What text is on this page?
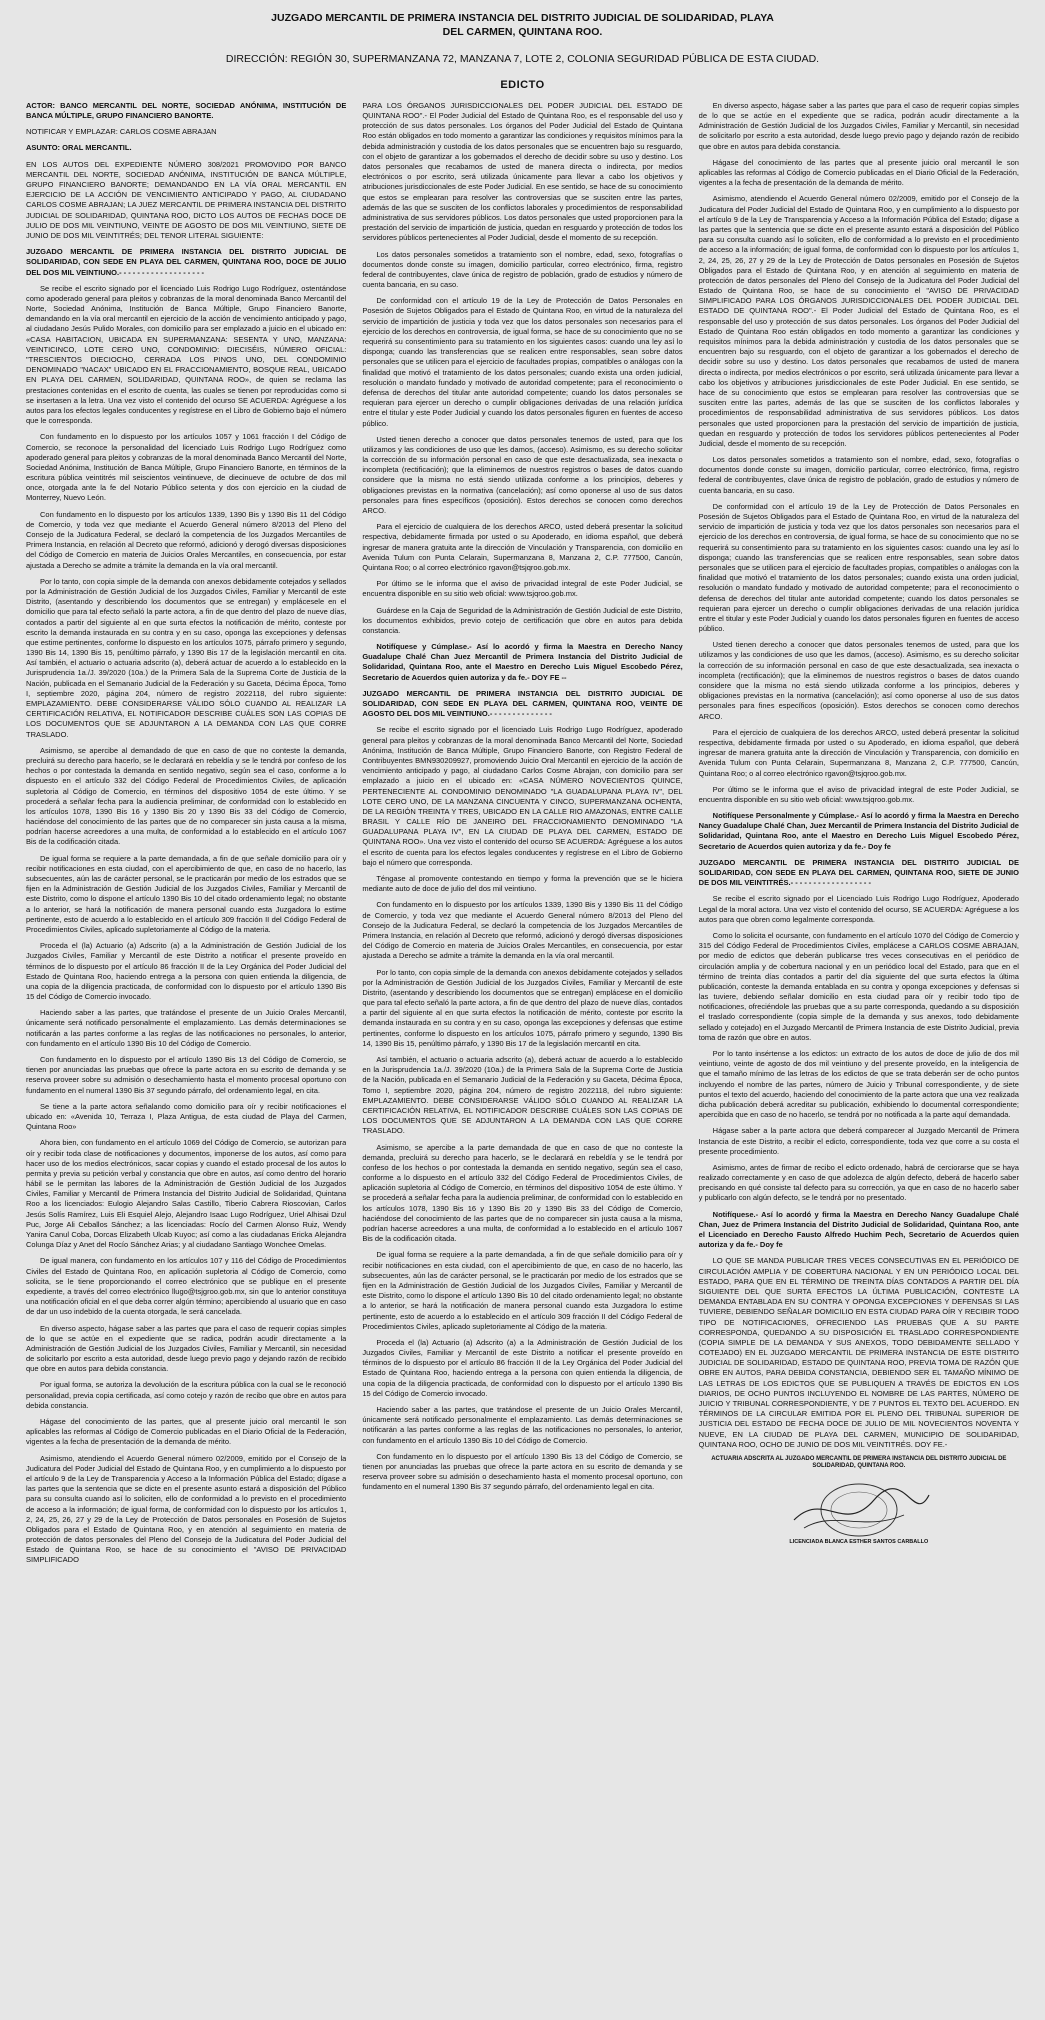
JUZGADO MERCANTIL DE PRIMERA INSTANCIA DEL DISTRITO JUDICIAL DE SOLIDARIDAD, PLAYA DEL CARMEN, QUINTANA ROO.
DIRECCIÓN: REGIÓN 30, SUPERMANZANA 72, MANZANA 7, LOTE 2, COLONIA SEGURIDAD PÚBLICA DE ESTA CIUDAD.
EDICTO

ACTOR: BANCO MERCANTIL DEL NORTE, SOCIEDAD ANÓNIMA, INSTITUCIÓN DE BANCA MÚLTIPLE, GRUPO FINANCIERO BANORTE.

NOTIFICAR Y EMPLAZAR: CARLOS COSME ABRAJAN

ASUNTO: ORAL MERCANTIL.

EN LOS AUTOS DEL EXPEDIENTE NÚMERO 308/2021 PROMOVIDO POR BANCO MERCANTIL DEL NORTE, SOCIEDAD ANÓNIMA, INSTITUCIÓN DE BANCA MÚLTIPLE, GRUPO FINANCIERO BANORTE; DEMANDANDO EN LA VÍA ORAL MERCANTIL EN EJERCICIO DE LA ACCIÓN DE VENCIMIENTO ANTICIPADO Y PAGO, AL CIUDADANO CARLOS COSME ABRAJAN; LA JUEZ MERCANTIL DE PRIMERA INSTANCIA DEL DISTRITO JUDICIAL DE SOLIDARIDAD, QUINTANA ROO, DICTO LOS AUTOS DE FECHAS DOCE DE JULIO DE DOS MIL VEINTIUNO, VEINTE DE AGOSTO DE DOS MIL VEINTIUNO, SIETE DE JUNIO DE DOS MIL VEINTITRÉS; DEL TENOR LITERAL SIGUIENTE:

JUZGADO MERCANTIL DE PRIMERA INSTANCIA DEL DISTRITO JUDICIAL DE SOLIDARIDAD, CON SEDE EN PLAYA DEL CARMEN, QUINTANA ROO, DOCE DE JULIO DEL DOS MIL VEINTIUNO.- - - - - - - - - - - - - - - - - - -

Se recibe el escrito signado por el licenciado Luis Rodrigo Lugo Rodríguez, ostentándose como apoderado general para pleitos y cobranzas de la moral denominada Banco Mercantil del Norte, Sociedad Anónima, Institución de Banca Múltiple, Grupo Financiero Banorte, demandando en la vía oral mercantil en ejercicio de la acción de vencimiento anticipado y pago, al ciudadano Jesús Pulido Morales, con domicilio para ser emplazado a juicio en el ubicado en: «CASA HABITACION, UBICADA EN SUPERMANZANA: SESENTA Y UNO, MANZANA: VEINTICINCO, LOTE CERO UNO, CONDOMINIO: DIECISÉIS, NÚMERO OFICIAL: "TRESCIENTOS DIECIOCHO, CERRADA LOS PINOS UNO, DEL CONDOMINIO DENOMINADO "NACAX" UBICADO EN EL FRACCIONAMIENTO, BOSQUE REAL, UBICADO EN PLAYA DEL CARMEN, SOLIDARIDAD, QUINTANA ROO», de quien se reclama las prestaciones contenidas en el escrito de cuenta, las cuales se tienen por reproducidas como si se insertasen a la letra. Una vez visto el contenido del ocurso SE ACUERDA: Agréguese a los autos para los efectos legales conducentes y regístrese en el Libro de Gobierno bajo el número que le corresponda.

Con fundamento en lo dispuesto por los artículos 1057 y 1061 fracción I del Código de Comercio, se reconoce la personalidad del licenciado Luis Rodrigo Lugo Rodríguez como apoderado general para pleitos y cobranzas de la moral denominada Banco Mercantil del Norte, Sociedad Anónima, Institución de Banca Múltiple, Grupo Financiero Banorte, en términos de la escritura pública veintitrés mil seiscientos veintinueve, de diecinueve de octubre de dos mil once, otorgada ante la fe del Notario Público setenta y dos con ejercicio en la ciudad de Monterrey, Nuevo León.

Con fundamento en lo dispuesto por los artículos 1339, 1390 Bis y 1390 Bis 11 del Código de Comercio, y toda vez que mediante el Acuerdo General número 8/2013 del Pleno del Consejo de la Judicatura Federal, se declaró la competencia de los Juzgados Mercantiles de Primera Instancia, en relación al Decreto que reformó, adicionó y derogó diversas disposiciones del Código de Comercio en materia de Juicios Orales Mercantiles, en consecuencia, por estar ajustada a Derecho se admite a trámite la demanda en la vía oral mercantil.

Por lo tanto, con copia simple de la demanda con anexos debidamente cotejados y sellados por la Administración de Gestión Judicial de los Juzgados Civiles, Familiar y Mercantil de este Distrito, (asentando y describiendo los documentos que se entregan) y emplácesele en el domicilio que para tal efecto señaló la parte actora, a fin de que dentro del plazo de nueve días, contados a partir del siguiente al en que surta efectos la notificación de mérito, conteste por escrito la demanda instaurada en su contra y en su caso, oponga las excepciones y defensas que estime pertinentes, conforme lo dispuesto en los artículos 1075, párrafo primero y segundo, 1390 Bis 14, 1390 Bis 15, penúltimo párrafo, y 1390 Bis 17 de la legislación mercantil en cita. Así también, el actuario o actuaria adscrito (a), deberá actuar de acuerdo a lo establecido en la Jurisprudencia 1a./J. 39/2020 (10a.) de la Primera Sala de la Suprema Corte de Justicia de la Nación, publicada en el Semanario Judicial de la Federación y su Gaceta, Décima Época, Tomo I, septiembre 2020, página 204, número de registro 2022118, del rubro siguiente: EMPLAZAMIENTO. DEBE CONSIDERARSE VÁLIDO SÓLO CUANDO AL REALIZAR LA CERTIFICACIÓN RELATIVA, EL NOTIFICADOR DESCRIBE CUÁLES SON LAS COPIAS DE LOS DOCUMENTOS QUE SE ADJUNTARON A LA DEMANDA CON LAS QUE CORRE TRASLADO.

Asimismo, se apercibe al demandado de que en caso de que no conteste la demanda, precluirá su derecho para hacerlo, se le declarará en rebeldía y se le tendrá por confeso de los hechos o por contestada la demanda en sentido negativo, según sea el caso, conforme a lo dispuesto en el artículo 332 del Código Federal de Procedimientos Civiles, de aplicación supletoria al Código de Comercio, en términos del dispositivo 1054 de este último. Y se procederá a señalar fecha para la audiencia preliminar, de conformidad con lo establecido en los artículos 1078, 1390 Bis 16 y 1390 Bis 20 y 1390 Bis 33 del Código de Comercio, haciéndose del conocimiento de las partes que de no comparecer sin justa causa a la misma, podrían hacerse acreedores a una multa, de conformidad a lo establecido en el artículo 1067 Bis de la codificación citada.

De igual forma se requiere a la parte demandada, a fin de que señale domicilio para oír y recibir notificaciones en esta ciudad, con el apercibimiento de que, en caso de no hacerlo, las subsecuentes, aún las de carácter personal, se le practicarán por medio de los estrados que se fijen en la Administración de Gestión Judicial de los Juzgados Civiles, Familiar y Mercantil de este Distrito, como lo dispone el artículo 1390 Bis 10 del citado ordenamiento legal; no obstante a lo anterior, se hará la notificación de manera personal cuando esta Juzgadora lo estime pertinente, esto de acuerdo a lo establecido en el artículo 309 fracción II del Código Federal de Procedimientos Civiles, aplicado supletoriamente al Código de la materia.

Proceda el (la) Actuario (a) Adscrito (a) a la Administración de Gestión Judicial de los Juzgados Civiles, Familiar y Mercantil de este Distrito a notificar el presente proveído en términos de lo dispuesto por el artículo 86 fracción II de la Ley Orgánica del Poder Judicial del Estado de Quintana Roo, haciendo entrega a la persona con quien entienda la diligencia, de una copia de la diligencia practicada, de conformidad con lo dispuesto por el artículo 1390 Bis 15 del Código de Comercio invocado.

Haciendo saber a las partes, que tratándose el presente de un Juicio Orales Mercantil, únicamente será notificado personalmente el emplazamiento. Las demás determinaciones se notificarán a las partes conforme a las reglas de las notificaciones no personales, lo anterior, con fundamento en el artículo 1390 Bis 10 del Código de Comercio.

Con fundamento en lo dispuesto por el artículo 1390 Bis 13 del Código de Comercio, se tienen por anunciadas las pruebas que ofrece la parte actora en su escrito de demanda y se reserva proveer sobre su admisión o desechamiento hasta el momento procesal oportuno con fundamento en el numeral 1390 Bis 37 segundo párrafo, del ordenamiento legal, en cita.

Se tiene a la parte actora señalando como domicilio para oír y recibir notificaciones el ubicado en: «Avenida 10, Terraza I, Plaza Antigua, de esta ciudad de Playa del Carmen, Quintana Roo»

Ahora bien, con fundamento en el artículo 1069 del Código de Comercio, se autorizan para oír y recibir toda clase de notificaciones y documentos, imponerse de los autos, así como para hacer uso de los medios electrónicos, sacar copias y cuando el estado procesal de los autos lo permita y previa su petición verbal y constancia que obre en autos, así como dentro del horario hábil se le permitan las labores de la Administración de Gestión Judicial de los Juzgados Civiles, Familiar y Mercantil de Primera Instancia del Distrito Judicial de Solidaridad, Quintana Roo a los licenciados: Eulogio Alejandro Salas Castillo, Tiberio Cabrera Rioscovian, Carlos Jesús Solís Ramírez, Luis Eli Esquiel Alejo, Alejandro Isaac Lugo Rodríguez, Uriel Alhisai Dzul Puc, Jorge Ali Ceballos Sánchez; a las licenciadas: Rocío del Carmen Alonso Ruiz, Wendy Yanira Canul Coba, Dorcas Elizabeth Ulcab Kuyoc; así como a las ciudadanas Erickа Alejandra Colunga Díaz y Anet del Rocío Sánchez Arias; y al ciudadano Santiago Wonchee Omelas.

De igual manera, con fundamento en los artículos 107 y 116 del Código de Procedimientos Civiles del Estado de Quintana Roo, en aplicación supletoria al Código de Comercio, como solicita, se le tiene proporcionando el correo electrónico que se publique en el presente expediente, a través del correo electrónico llugo@tsjgroo.gob.mx, sin que lo anterior constituya una notificación oficial en el que deba correr algún término; apercibiendo al usuario que en caso de dar un uso indebido de la cuenta otorgada, le será cancelada.

En diverso aspecto, hágase saber a las partes que para el caso de requerir copias simples de lo que se actúe en el expediente que se radica, podrán acudir directamente a la Administración de Gestión Judicial de los Juzgados Civiles, Familiar y Mercantil, sin necesidad de solicitarlo por escrito a esta autoridad, desde luego previo pago y dejando razón de recibido que obre en autos para debida constancia.

Por igual forma, se autoriza la devolución de la escritura pública con la cual se le reconoció personalidad, previa copia certificada, así como cotejo y razón de recibo que obre en autos para debida constancia.

Hágase del conocimiento de las partes, que al presente juicio oral mercantil le son aplicables las reformas al Código de Comercio publicadas en el Diario Oficial de la Federación, vigentes a la fecha de presentación de la demanda de mérito.

Asimismo, atendiendo el Acuerdo General número 02/2009, emitido por el Consejo de la Judicatura del Poder Judicial del Estado de Quintana Roo, y en cumplimiento a lo dispuesto por el artículo 9 de la Ley de Transparencia y Acceso a la Información Pública del Estado; dígase a las partes que la sentencia que se dicte en el presente asunto estará a disposición del Público para su consulta cuando así lo soliciten, ello de conformidad a lo previsto en el procedimiento de acceso a la información; de igual forma, de conformidad con lo dispuesto por los artículos 1, 2, 24, 25, 26, 27 y 29 de la Ley de Protección de Datos personales en Posesión de Sujetos Obligados para el Estado de Quintana Roo, y en atención al seguimiento en materia de protección de datos personales del Pleno del Consejo de la Judicatura del Poder Judicial del Estado de Quintana Roo, se hace de su conocimiento el "AVISO DE PRIVACIDAD SIMPLIFICADO

PARA LOS ÓRGANOS JURISDICCIONALES DEL PODER JUDICIAL DEL ESTADO DE QUINTANA ROO".- El Poder Judicial del Estado de Quintana Roo, es el responsable del uso y protección de sus datos personales. Los órganos del Poder Judicial del Estado de Quintana Roo están obligados en todo momento a garantizar las condiciones y requisitos mínimos para la debida administración y custodia de los datos personales que se encuentren bajo su resguardo, con el objeto de garantizar a los gobernados el derecho de decidir sobre su uso y destino. Los datos personales que recabamos de usted de manera directa o indirecta, por medios electrónicos o por escrito, será utilizada únicamente para llevar a cabo los objetivos y atribuciones jurisdiccionales de este Poder Judicial. En ese sentido, se hace de su conocimiento que estos se emplearan para resolver las controversias que se susciten entre las partes, además de las que se susciten de los conflictos laborales y procedimientos de responsabilidad administrativa de sus servidores públicos. Los datos personales que usted proporcionen para la prestación del servicio de impartición de justicia, quedan en resguardo y protección de todos los servidores públicos pertenecientes al Poder Judicial, desde el momento de su recepción.

Los datos personales sometidos a tratamiento son el nombre, edad, sexo, fotografías o documentos donde conste su imagen, domicilio particular, correo electrónico, firma, registro federal de contribuyentes, clave única de registro de población, grado de estudios y número de cuenta bancaria, en su caso.

De conformidad con el artículo 19 de la Ley de Protección de Datos Personales en Posesión de Sujetos Obligados para el Estado de Quintana Roo, en virtud de la naturaleza del servicio de impartición de justicia y toda vez que los datos personales son necesarios para el ejercicio de los derechos en controversia, de igual forma, se hace de su conocimiento que no se requerirá su consentimiento para su tratamiento en los siguientes casos: cuando una ley así lo disponga; cuando las transferencias que se realicen entre responsables, sean sobre datos personales que se utilicen para el ejercicio de facultades propias, compatibles o análogas con la finalidad que motivó el tratamiento de los datos personales; cuando exista una orden judicial, resolución o mandato fundado y motivado de autoridad competente; para el reconocimiento o defensa de derechos del titular ante autoridad competente; cuando los datos personales se requieran para ejercer un derecho o cumplir obligaciones derivadas de una relación jurídica entre el titular y este Poder Judicial y cuando los datos personales figuren en fuentes de acceso público.

Usted tienen derecho a conocer que datos personales tenemos de usted, para que los utilizamos y las condiciones de uso que les damos, (acceso). Asimismo, es su derecho solicitar la corrección de su información personal en caso de que este desactualizada, sea inexacta o incompleta (rectificación); que la eliminemos de nuestros registros o bases de datos cuando considere que la misma no está siendo utilizada conforme a los principios, deberes y obligaciones previstas en la normativa (cancelación); así como oponerse al uso de sus datos personales para fines específicos (oposición). Estos derechos se conocen como derechos ARCO.

Para el ejercicio de cualquiera de los derechos ARCO, usted deberá presentar la solicitud respectiva, debidamente firmada por usted o su Apoderado, en idioma español, que deberá ingresar de manera gratuita ante la dirección de Vinculación y Transparencia, con domicilio en Avenida Tulum con Punta Celarain, Supermanzana 8, Manzana 2, C.P. 777500, Cancún, Quintana Roo; o al correo electrónico rgavon@tsjqroo.gob.mx.

Por último se le informa que el aviso de privacidad integral de este Poder Judicial, se encuentra disponible en su sitio web oficial: www.tsjqroo.gob.mx.

Guárdese en la Caja de Seguridad de la Administración de Gestión Judicial de este Distrito, los documentos exhibidos, previo cotejo de certificación que obre en autos para debida constancia.

Notifíquese y Cúmplase.- Así lo acordó y firma la Maestra en Derecho Nancy Guadalupe Chalé Chan Juez Mercantil de Primera Instancia del Distrito Judicial de Solidaridad, Quintana Roo, ante el Maestro en Derecho Luis Miguel Escobedo Pérez, Secretario de Acuerdos quien autoriza y da fe.- DOY FE --

JUZGADO MERCANTIL DE PRIMERA INSTANCIA DEL DISTRITO JUDICIAL DE SOLIDARIDAD, CON SEDE EN PLAYA DEL CARMEN, QUINTANA ROO, VEINTE DE AGOSTO DEL DOS MIL VEINTIUNO.- - - - - - - - - - - - - -

Se recibe el escrito signado por el licenciado Luis Rodrigo Lugo Rodríguez, apoderado general para pleitos y cobranzas de la moral denominada Banco Mercantil del Norte, Sociedad Anónima, Institución de Banca Múltiple, Grupo Financiero Banorte, con Registro Federal de Contribuyentes BMN930209927, promoviendo Juicio Oral Mercantil en ejercicio de la acción de vencimiento anticipado y pago, al ciudadano Carlos Cosme Abrajan, con domicilio para ser emplazado a juicio en el ubicado en: «CASA NÚMERO NOVECIENTOS QUINCE, PERTENECIENTE AL CONDOMINIO DENOMINADO "LA GUADALUPANA PLAYA IV", DEL LOTE CERO UNO, DE LA MANZANA CINCUENTA Y CINCO, SUPERMANZANA OCHENTA, DE LA REGIÓN TREINTA Y TRES, UBICADO EN LA CALLE RIO AMAZONAS, ENTRE CALLE BRASIL Y CALLE RÍO DE JANEIRO DEL FRACCIONAMIENTO DENOMINADO "LA GUADALUPANA PLAYA IV", EN LA CIUDAD DE PLAYA DEL CARMEN, ESTADO DE QUINTANA ROO». Una vez visto el contenido del ocurso SE ACUERDA: Agréguese a los autos el escrito de cuenta para los efectos legales conducentes y regístrese en el Libro de Gobierno bajo el número que corresponda.

Téngase al promovente contestando en tiempo y forma la prevención que se le hiciera mediante auto de doce de julio del dos mil veintiuno.

Con fundamento en lo dispuesto por los artículos 1339, 1390 Bis y 1390 Bis 11 del Código de Comercio, y toda vez que mediante el Acuerdo General número 8/2013 del Pleno del Consejo de la Judicatura Federal, se declaró la competencia de los Juzgados Mercantiles de Primera Instancia, en relación al Decreto que reformó, adicionó y derogó diversas disposiciones del Código de Comercio en materia de Juicios Orales Mercantiles, en consecuencia, por estar ajustada a Derecho se admite a trámite la demanda en la vía oral mercantil.

Por lo tanto, con copia simple de la demanda con anexos debidamente cotejados y sellados por la Administración de Gestión Judicial de los Juzgados Civiles, Familiar y Mercantil de este Distrito, (asentando y describiendo los documentos que se entregan) emplácese en el domicilio que para tal efecto señaló la parte actora, a fin de que dentro del plazo de nueve días, contados a partir del siguiente al en que surta efectos la notificación de mérito, conteste por escrito la demanda instaurada en su contra y en su caso, oponga las excepciones y defensas que estime pertinentes, conforme lo dispuesto en los artículos 1075, párrafo primero y segundo, 1390 Bis 14, 1390 Bis 15, penúltimo párrafo, y 1390 Bis 17 de la legislación mercantil en cita.

Así también, el actuario o actuaria adscrito (a), deberá actuar de acuerdo a lo establecido en la Jurisprudencia 1a./J. 39/2020 (10a.) de la Primera Sala de la Suprema Corte de Justicia de la Nación, publicada en el Semanario Judicial de la Federación y su Gaceta, Décima Época, Tomo I, septiembre 2020, página 204, número de registro 2022118, del rubro siguiente: EMPLAZAMIENTO. DEBE CONSIDERARSE VÁLIDO SÓLO CUANDO AL REALIZAR LA CERTIFICACIÓN RELATIVA, EL NOTIFICADOR DESCRIBE CUÁLES SON LAS COPIAS DE LOS DOCUMENTOS QUE SE ADJUNTARON A LA DEMANDA CON LAS QUE CORRE TRASLADO.

Asimismo, se apercibe a la parte demandada de que en caso de que no conteste la demanda, precluirá su derecho para hacerlo, se le declarará en rebeldía y se le tendrá por confeso de los hechos o por contestada la demanda en sentido negativo, según sea el caso, conforme a lo dispuesto en el artículo 332 del Código Federal de Procedimientos Civiles, de aplicación supletoria al Código de Comercio, en términos del dispositivo 1054 de este último. Y se procederá a señalar fecha para la audiencia preliminar, de conformidad con lo establecido en los artículos 1078, 1390 Bis 16 y 1390 Bis 20 y 1390 Bis 33 del Código de Comercio, haciéndose del conocimiento de las partes que de no comparecer sin justa causa a la misma, podrían hacerse acreedores a una multa, de conformidad a lo establecido en el artículo 1067 Bis de la codificación citada.

De igual forma se requiere a la parte demandada, a fin de que señale domicilio para oír y recibir notificaciones en esta ciudad, con el apercibimiento de que, en caso de no hacerlo, las subsecuentes, aún las de carácter personal, se le practicarán por medio de los estrados que se fijen en la Administración de Gestión Judicial de los Juzgados Civiles, Familiar y Mercantil de este Distrito, como lo dispone el artículo 1390 Bis 10 del citado ordenamiento legal; no obstante a lo anterior, se hará la notificación de manera personal cuando esta Juzgadora lo estime pertinente, esto de acuerdo a lo establecido en el artículo 309 fracción II del Código Federal de Procedimientos Civiles, aplicado supletoriamente al Código de la materia.

Proceda el (la) Actuario (a) Adscrito (a) a la Administración de Gestión Judicial de los Juzgados Civiles, Familiar y Mercantil de este Distrito a notificar el presente proveído en términos de lo dispuesto por el artículo 86 fracción II de la Ley Orgánica del Poder Judicial del Estado de Quintana Roo, haciendo entrega a la persona con quien entienda la diligencia, de una copia de la diligencia practicada, de conformidad con lo dispuesto por el artículo 1390 Bis 15 del Código de Comercio invocado.

Haciendo saber a las partes, que tratándose el presente de un Juicio Orales Mercantil, únicamente será notificado personalmente el emplazamiento. Las demás determinaciones se notificarán a las partes conforme a las reglas de las notificaciones no personales, lo anterior, con fundamento en el artículo 1390 Bis 10 del Código de Comercio.

Con fundamento en lo dispuesto por el artículo 1390 Bis 13 del Código de Comercio, se tienen por anunciadas las pruebas que ofrece la parte actora en su escrito de demanda y se reserva proveer sobre su admisión o desechamiento hasta el momento procesal oportuno, con fundamento en el numeral 1390 Bis 37 segundo párrafo, del ordenamiento legal en cita.

En diverso aspecto, hágase saber a las partes que para el caso de requerir copias simples de lo que se actúe en el expediente que se radica, podrán acudir directamente a la Administración de Gestión Judicial de los Juzgados Civiles, Familiar y Mercantil, sin necesidad de solicitarlo por escrito a esta autoridad, desde luego previo pago y dejando razón de recibido que obre en autos para debida constancia.

Hágase del conocimiento de las partes que al presente juicio oral mercantil le son aplicables las reformas al Código de Comercio publicadas en el Diario Oficial de la Federación, vigentes a la fecha de presentación de la demanda de mérito.

Asimismo, atendiendo el Acuerdo General número 02/2009, emitido por el Consejo de la Judicatura del Poder Judicial del Estado de Quintana Roo, y en cumplimiento a lo dispuesto por el artículo 9 de la Ley de Transparencia y Acceso a la Información Pública del Estado; dígase a las partes que la sentencia que se dicte en el presente asunto estará a disposición del Público para su consulta cuando así lo soliciten, ello de conformidad a lo previsto en el procedimiento de acceso a la información; de igual forma, de conformidad con lo dispuesto por los artículos 1, 2, 24, 25, 26, 27 y 29 de la Ley de Protección de Datos personales en Posesión de Sujetos Obligados para el Estado de Quintana Roo, y en atención al seguimiento en materia de protección de datos personales del Pleno del Consejo de la Judicatura del Poder Judicial del Estado de Quintana Roo, se hace de su conocimiento el "AVISO DE PRIVACIDAD SIMPLIFICADO PARA LOS ÓRGANOS JURISDICCIONALES DEL PODER JUDICIAL DEL ESTADO DE QUINTANA ROO".- El Poder Judicial del Estado de Quintana Roo, es el responsable del uso y protección de sus datos personales. Los órganos del Poder Judicial del Estado de Quintana Roo están obligados en todo momento a garantizar las condiciones y requisitos mínimos para la debida administración y custodia de los datos personales que se encuentren bajo su resguardo, con el objeto de garantizar a los gobernados el derecho de decidir sobre su uso y destino. Los datos personales que recabamos de usted de manera directa o indirecta, por medios electrónicos o por escrito, será utilizada únicamente para llevar a cabo los objetivos y atribuciones jurisdiccionales de este Poder Judicial. En ese sentido, se hace de su conocimiento que estos se emplearan para resolver las controversias que se susciten entre las partes, además de las que se susciten de los conflictos laborales y procedimientos de responsabilidad administrativa de sus servidores públicos. Los datos personales que usted proporcionen para la prestación del servicio de impartición de justicia, quedan en resguardo y protección de todos los servidores públicos pertenecientes al Poder Judicial, desde el momento de su recepción.

Los datos personales sometidos a tratamiento son el nombre, edad, sexo, fotografías o documentos donde conste su imagen, domicilio particular, correo electrónico, firma, registro federal de contribuyentes, clave única de registro de población, grado de estudios y número de cuenta bancaria, en su caso.

De conformidad con el artículo 19 de la Ley de Protección de Datos Personales en Posesión de Sujetos Obligados para el Estado de Quintana Roo, en virtud de la naturaleza del servicio de impartición de justicia y toda vez que los datos personales son necesarios para el ejercicio de los derechos en controversia, de igual forma, se hace de su conocimiento que no se requerirá su consentimiento para su tratamiento en los siguientes casos: cuando una ley así lo disponga; cuando las transferencias que se realicen entre responsables, sean sobre datos personales que se utilicen para el ejercicio de facultades propias, compatibles o análogas con la finalidad que motivó el tratamiento de los datos personales; cuando exista una orden judicial, resolución o mandato fundado y motivado de autoridad competente; para el reconocimiento o defensa de derechos del titular ante autoridad competente; cuando los datos personales se requieran para ejercer un derecho o cumplir obligaciones derivadas de una relación jurídica entre el titular y este Poder Judicial y cuando los datos personales figuren en fuentes de acceso público.

Usted tienen derecho a conocer que datos personales tenemos de usted, para que los utilizamos y las condiciones de uso que les damos, (acceso). Asimismo, es su derecho solicitar la corrección de su información personal en caso de que este desactualizada, sea inexacta o incompleta (rectificación); que la eliminemos de nuestros registros o bases de datos cuando considere que la misma no está siendo utilizada conforme a los principios, deberes y obligaciones previstas en la normativa (cancelación); así como oponerse al uso de sus datos personales para fines específicos (oposición). Estos derechos se conocen como derechos ARCO.

Para el ejercicio de cualquiera de los derechos ARCO, usted deberá presentar la solicitud respectiva, debidamente firmada por usted o su Apoderado, en idioma español, que deberá ingresar de manera gratuita ante la dirección de Vinculación y Transparencia, con domicilio en Avenida Tulum con Punta Celarain, Supermanzana 8, Manzana 2, C.P. 777500, Cancún, Quintana Roo; o al correo electrónico rgavon@tsjqroo.gob.mx.

Por último se le informa que el aviso de privacidad integral de este Poder Judicial, se encuentra disponible en su sitio web oficial: www.tsjqroo.gob.mx.

Notifíquese Personalmente y Cúmplase.- Así lo acordó y firma la Maestra en Derecho Nancy Guadalupe Chalé Chan, Juez Mercantil de Primera Instancia del Distrito Judicial de Solidaridad, Quintana Roo, ante el Maestro en Derecho Luis Miguel Escobedo Pérez, Secretario de Acuerdos quien autoriza y da fe.- Doy fe

JUZGADO MERCANTIL DE PRIMERA INSTANCIA DEL DISTRITO JUDICIAL DE SOLIDARIDAD, CON SEDE EN PLAYA DEL CARMEN, QUINTANA ROO, SIETE DE JUNIO DE DOS MIL VEINTITRÉS.- - - - - - - - - - - - - - - - - -

Se recibe el escrito signado por el Licenciado Luis Rodrigo Lugo Rodríguez, Apoderado Legal de la moral actora. Una vez visto el contenido del ocurso, SE ACUERDA: Agréguese a los autos para que obren como legalmente corresponda.

Como lo solicita el ocursante, con fundamento en el artículo 1070 del Código de Comercio y 315 del Código Federal de Procedimientos Civiles, emplácese a CARLOS COSME ABRAJAN, por medio de edictos que deberán publicarse tres veces consecutivas en el periódico de circulación amplia y de cobertura nacional y en un periódico local del Estado, para que en el término de treinta días contados a partir del día siguiente del que surta efectos la última publicación, conteste la demanda entablada en su contra y oponga excepciones y defensas si las tuviere, debiendo señalar domicilio en esta ciudad para oír y recibir todo tipo de notificaciones, ofreciéndole las pruebas que a su parte corresponda, quedando a su disposición el traslado correspondiente (copia simple de la demanda y sus anexos, todo debidamente sellado y cotejado) en el Juzgado Mercantil de Primera Instancia de este Distrito Judicial, previa toma de razón que obre en autos.

Por lo tanto insértense a los edictos: un extracto de los autos de doce de julio de dos mil veintiuno, veinte de agosto de dos mil veintiuno y del presente proveído, en la inteligencia de que el tamaño mínimo de las letras de los edictos de que se trata deberán ser de ocho puntos incluyendo el nombre de las partes, número de Juicio y Tribunal correspondiente, y de siete puntos el texto del acuerdo, haciendo del conocimiento de la parte actora que una vez realizada dicha publicación deberá acreditar su publicación, exhibiendo lo documental correspondiente; apercibida que en caso de no hacerlo, se tendrá por no notificada a la parte aquí demandada.

Hágase saber a la parte actora que deberá comparecer al Juzgado Mercantil de Primera Instancia de este Distrito, a recibir el edicto, correspondiente, toda vez que corre a su costa el presente procedimiento.

Asimismo, antes de firmar de recibo el edicto ordenado, habrá de cerciorarse que se haya realizado correctamente y en caso de que adolezca de algún defecto, deberá de hacerlo saber precisando en qué consiste tal defecto para su corrección, ya que en caso de no hacerlo saber y publicarlo con algún defecto, se le tendrá por no presentado.

Notifíquese.- Así lo acordó y firma la Maestra en Derecho Nancy Guadalupe Chalé Chan, Juez de Primera Instancia del Distrito Judicial de Solidaridad, Quintana Roo, ante el Licenciado en Derecho Fausto Alfredo Huchim Pech, Secretario de Acuerdos quien autoriza y da fe.- Doy fe

LO QUE SE MANDA PUBLICAR TRES VECES CONSECUTIVAS EN EL PERIÓDICO DE CIRCULACIÓN AMPLIA Y DE COBERTURA NACIONAL Y EN UN PERIÓDICO LOCAL DEL ESTADO, PARA QUE EN EL TÉRMINO DE TREINTA DÍAS CONTADOS A PARTIR DEL DÍA SIGUIENTE DEL QUE SURTA EFECTOS LA ÚLTIMA PUBLICACIÓN, CONTESTE LA DEMANDA ENTABLADA EN SU CONTRA Y OPONGA EXCEPCIONES Y DEFENSAS SI LAS TUVIERE, DEBIENDO SEÑALAR DOMICILIO EN ESTA CIUDAD PARA OÍR Y RECIBIR TODO TIPO DE NOTIFICACIONES, OFRECIENDO LAS PRUEBAS QUE A SU PARTE CORRESPONDA, QUEDANDO A SU DISPOSICIÓN EL TRASLADO CORRESPONDIENTE (COPIA SIMPLE DE LA DEMANDA Y SUS ANEXOS, TODO DEBIDAMENTE SELLADO Y COTEJADO) EN EL JUZGADO MERCANTIL DE PRIMERA INSTANCIA DE ESTE DISTRITO JUDICIAL DE SOLIDARIDAD, ESTADO DE QUINTANA ROO, PREVIA TOMA DE RAZÓN QUE OBRE EN AUTOS, PARA DEBIDA CONSTANCIA, DEBIENDO SER EL TAMAÑO MÍNIMO DE LAS LETRAS DE LOS EDICTOS QUE SE PUBLIQUEN A TRAVÉS DE EDICTOS EN LOS DIARIOS, DE OCHO PUNTOS INCLUYENDO EL NOMBRE DE LAS PARTES, NÚMERO DE JUICIO Y TRIBUNAL CORRESPONDIENTE, Y DE 7 PUNTOS EL TEXTO DEL ACUERDO. EN TÉRMINOS DE LA CIRCULAR EMITIDA POR EL PLENO DEL TRIBUNAL SUPERIOR DE JUSTICIA DEL ESTADO DE FECHA DOCE DE JULIO DE MIL NOVECIENTOS NOVENTA Y NUEVE, EN LA CIUDAD DE PLAYA DEL CARMEN, MUNICIPIO DE SOLIDARIDAD, QUINTANA ROO, OCHO DE JUNIO DE DOS MIL VEINTITRÉS. DOY FE.-

ACTUARIA ADSCRITA AL JUZGADO MERCANTIL DE PRIMERA INSTANCIA DEL DISTRITO JUDICIAL DE SOLIDARIDAD, QUINTANA ROO.
LICENCIADA BLANCA ESTHER SANTOS CARBALLO
